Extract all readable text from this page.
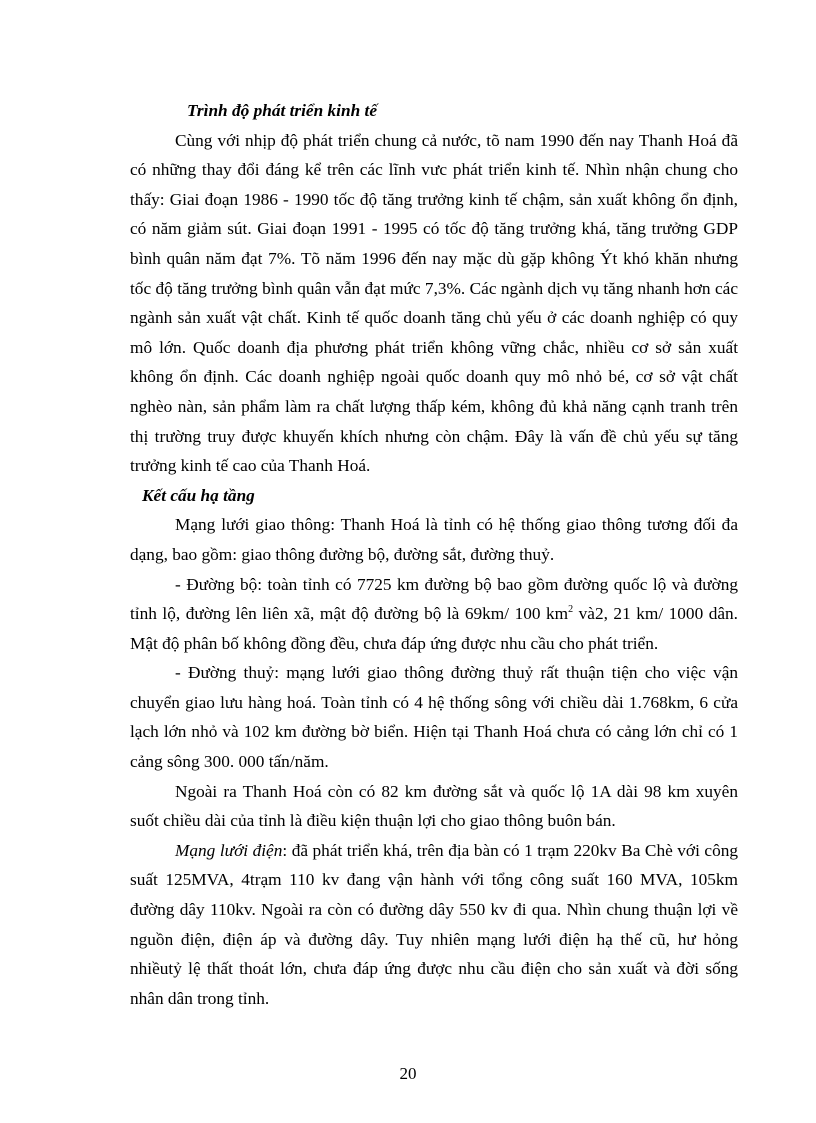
Trình độ phát triển kinh tế

Cùng với nhịp độ phát triển chung cả nước, tõ nam 1990 đến nay Thanh Hoá đã có những thay đổi đáng kể trên các lĩnh vưc phát triển kinh tế. Nhìn nhận chung cho thấy: Giai đoạn 1986 - 1990 tốc độ tăng trưởng kinh tế chậm, sản xuất không ổn định, có năm giảm sút. Giai đoạn 1991 - 1995 có tốc độ tăng trưởng khá, tăng trưởng GDP bình quân năm đạt 7%. Tõ năm 1996 đến nay mặc dù gặp không Ýt khó khăn nhưng tốc độ tăng trưởng bình quân vẫn đạt mức 7,3%. Các ngành dịch vụ tăng nhanh hơn các ngành sản xuất vật chất. Kinh tế quốc doanh tăng chủ yếu ở các doanh nghiệp có quy mô lớn. Quốc doanh địa phương phát triển không vững chắc, nhiều cơ sở sản xuất không ổn định. Các doanh nghiệp ngoài quốc doanh quy mô nhỏ bé, cơ sở vật chất nghèo nàn, sản phẩm làm ra chất lượng thấp kém, không đủ khả năng cạnh tranh trên thị trường truy được khuyến khích nhưng còn chậm. Đây là vấn đề chủ yếu sự tăng trưởng kinh tế cao của Thanh Hoá.

Kết cấu hạ tầng

Mạng lưới giao thông: Thanh Hoá là tỉnh có hệ thống giao thông tương đối đa dạng, bao gồm: giao thông đường bộ, đường sắt, đường thuỷ.

- Đường bộ: toàn tỉnh có 7725 km đường bộ bao gồm đường quốc lộ và đường tỉnh lộ, đường lên liên xã, mật độ đường bộ là 69km/ 100 $km^2$ và2, 21 km/ 1000 dân. Mật độ phân bố không đồng đều, chưa đáp ứng được nhu cầu cho phát triển.

- Đường thuỷ: mạng lưới giao thông đường thuỷ rất thuận tiện cho việc vận chuyển giao lưu hàng hoá. Toàn tỉnh có 4 hệ thống sông với chiều dài 1.768km, 6 cửa lạch lớn nhỏ và 102 km đường bờ biển. Hiện tại Thanh Hoá chưa có cảng lớn chỉ có 1 cảng sông 300. 000 tấn/năm.

Ngoài ra Thanh Hoá còn có 82 km đường sắt và quốc lộ 1A dài 98 km xuyên suốt chiều dài của tỉnh là điều kiện thuận lợi cho giao thông buôn bán.

Mạng lưới điện: đã phát triển khá, trên địa bàn có 1 trạm 220kv Ba Chè với công suất 125MVA, 4trạm 110 kv đang vận hành với tổng công suất 160 MVA, 105km đường dây 110kv. Ngoài ra còn có đường dây 550 kv đi qua. Nhìn chung thuận lợi về nguồn điện, điện áp và đường dây. Tuy nhiên mạng lưới điện hạ thế cũ, hư hỏng nhiềutỷ lệ thất thoát lớn, chưa đáp ứng được nhu cầu điện cho sản xuất và đời sống nhân dân trong tỉnh.

20
